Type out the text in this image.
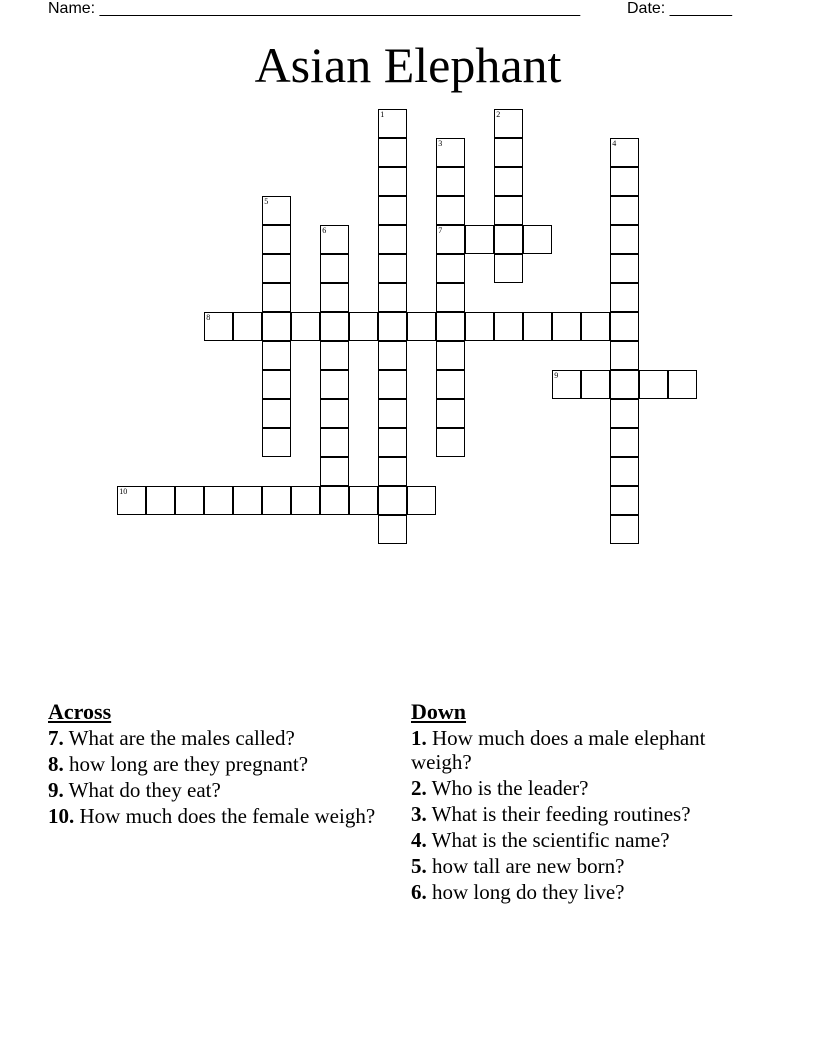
Name: ______________________________________________________	Date: _______
Asian Elephant
1	2
3
7
4
5
6
8
9
10
Across
7. What are the males called?
8. how long are they pregnant?
9. What do they eat?
10. How much does the female weigh?
Down
1. How much does a male elephant weigh?
2. Who is the leader?
3. What is their feeding routines?
4. What is the scientific name?
5. how tall are new born?
6. how long do they live?
